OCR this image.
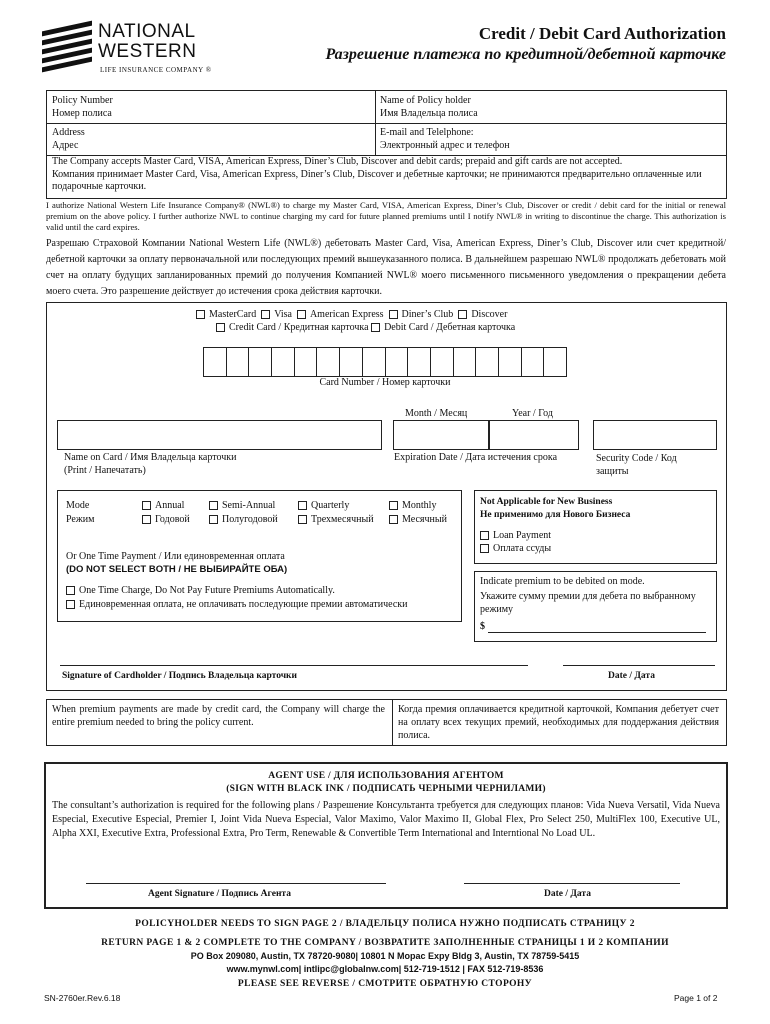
NATIONAL
WESTERN
LIFE INSURANCE COMPANY ®
Credit / Debit Card Authorization
Разрешение платежа по кредитной/дебетной карточке
Policy Number
Номер полиса
Name of Policy holder
Имя Владельца полиса
Address
Адрес
E-mail and Telelphone:
Электронный адрес и телефон
The Company accepts Master Card, VISA, American Express, Diner’s Club, Discover and debit cards; prepaid and gift cards are not accepted.
Компания принимает Master Card, Visa, American Express, Diner’s Club, Discover и дебетные карточки; не принимаются предварительно оплаченные или подарочные карточки.
I authorize National Western Life Insurance Company® (NWL®) to charge my Master Card, VISA, American Express, Diner’s Club, Discover or credit / debit card for the initial or renewal premium on the above policy. I further authorize NWL to continue charging my card for future planned premiums until I notify NWL® in writing to discontinue the charge. This authorization is valid until the card expires.
Разрешаю Страховой Компании National Western Life (NWL®) дебетовать Master Card, Visa, American Express, Diner’s Club, Discover или счет кредитной/дебетной карточки за оплату первоначальной или последующих премий вышеуказанного полиса. В дальнейшем разрешаю NWL® продолжать дебетовать мой счет на оплату будущих запланированных премий до получения Компанией NWL® моего письменного письменного уведомления о прекращении дебета моего счета. Это разрешение действует до истечения срока действия карточки.
MasterCard Visa American Express Diner’s Club Discover
Credit Card / Кредитная карточка Debit Card / Дебетная карточка
Card Number / Номер карточки
Month / Месяц	Year / Год
Name on Card / Имя Владельца карточки
(Print / Напечатать)
Expiration Date / Дата истечения срока	Security Code / Код защиты
Mode
Режим
Annual
Годовой
Semi-Annual
Полугодовой
Quarterly
Трехмесячный
Monthly
Месячный
Or One Time Payment / Или единовременная оплата
(DO NOT SELECT BOTH / НЕ ВЫБИРАЙТЕ ОБА)
One Time Charge, Do Not Pay Future Premiums Automatically.
Единовременная оплата, не оплачивать последующие премии автоматически
Not Applicable for New Business
Не применимо для Нового Бизнеса
Loan Payment
Оплата ссуды
Indicate premium to be debited on mode.
Укажите сумму премии для дебета по выбранному режиму
$
Signature of Cardholder / Подпись Владельца карточки	Date / Дата
When premium payments are made by credit card, the Company will charge the entire premium needed to bring the policy current.
Когда премия оплачивается кредитной карточкой, Компания дебетует счет на оплату всех текущих премий, необходимых для поддержания действия полиса.
AGENT USE / ДЛЯ ИСПОЛЬЗОВАНИЯ АГЕНТОМ
(SIGN WITH BLACK INK / ПОДПИСАТЬ ЧЕРНЫМИ ЧЕРНИЛАМИ)
The consultant’s authorization is required for the following plans / Разрешение Консультанта требуется для следующих планов: Vida Nueva Versatil, Vida Nueva Especial, Executive Especial, Premier I, Joint Vida Nueva Especial, Valor Maximo, Valor Maximo II, Global Flex, Pro Select 250, MultiFlex 100, Executive UL, Alpha XXI, Executive Extra, Professional Extra, Pro Term, Renewable & Convertible Term International and Interntional No Load UL.
Agent Signature / Подпись Агента	Date / Дата
POLICYHOLDER NEEDS TO SIGN PAGE 2 / ВЛАДЕЛЬЦУ ПОЛИСА НУЖНО ПОДПИСАТЬ СТРАНИЦУ 2
RETURN PAGE 1 & 2 COMPLETE TO THE COMPANY / ВОЗВРАТИТЕ ЗАПОЛНЕННЫЕ СТРАНИЦЫ 1 И 2 КОМПАНИИ
PO Box 209080, Austin, TX 78720-9080| 10801 N Mopac Expy Bldg 3, Austin, TX 78759-5415
www.mynwl.com| intlipc@globalnw.com| 512-719-1512 | FAX 512-719-8536
PLEASE SEE REVERSE / СМОТРИТЕ ОБРАТНУЮ СТОРОНУ
SN-2760er.Rev.6.18	Page 1 of 2
